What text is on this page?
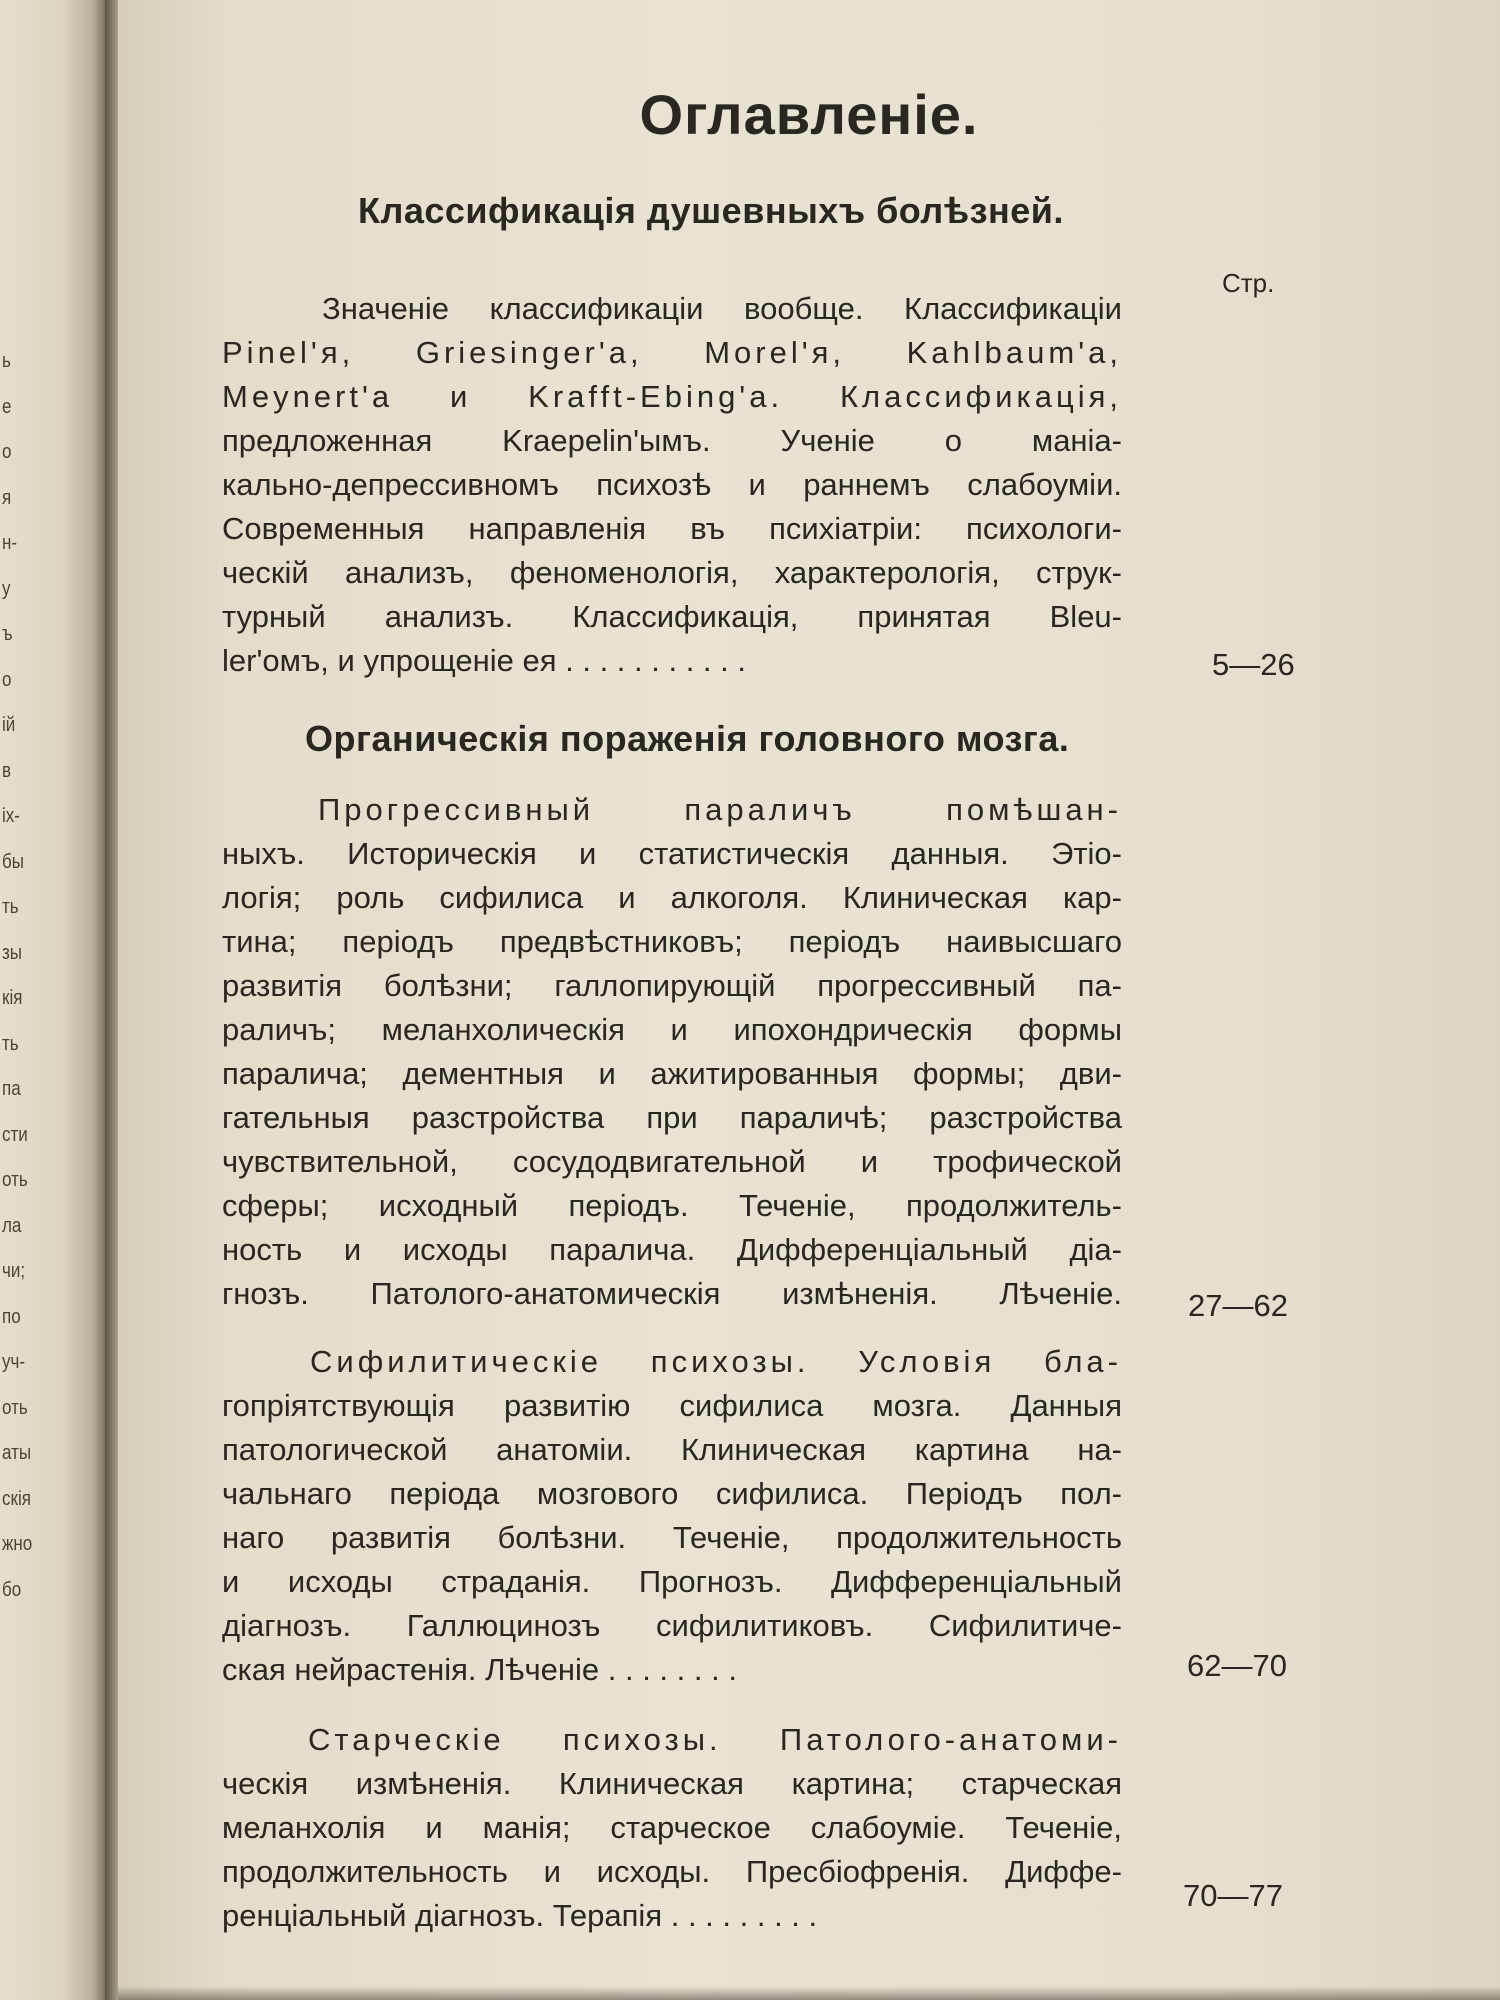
ь
е
о
я
н-
у
ъ
о
ій
в
іх-
бы
ть
зы
кія
ть
па
сти
оть
ла
чи;
по
уч-
оть
аты
скія
жно
бо
Оглавленіе.
Классификація душевныхъ болѣзней.
Стр.
Значеніе классификаціи вообще. Классификаціи
Pinel'я, Griesinger'a, Morel'я, Kahlbaum'a,
Meynert'a и Krafft-Ebing'a. Классификація,
предложенная Kraepelin'ымъ. Ученіе о маніа-
кально-депрессивномъ психозѣ и раннемъ слабоуміи.
Современныя направленія въ психіатріи: психологи-
ческій анализъ, феноменологія, характерологія, струк-
турный анализъ. Классификація, принятая Bleu-
ler'омъ, и упрощеніе ея . . . . . . . . . . .	5—26
Органическія пораженія головного мозга.
Прогрессивный параличъ помѣшан-
ныхъ. Историческія и статистическія данныя. Этіо-
логія; роль сифилиса и алкоголя. Клиническая кар-
тина; періодъ предвѣстниковъ; періодъ наивысшаго
развитія болѣзни; галлопирующій прогрессивный па-
раличъ; меланхолическія и ипохондрическія формы
паралича; дементныя и ажитированныя формы; дви-
гательныя разстройства при параличѣ; разстройства
чувствительной, сосудодвигательной и трофической
сферы; исходный періодъ. Теченіе, продолжитель-
ность и исходы паралича. Дифференціальный діа-
гнозъ. Патолого-анатомическія измѣненія. Лѣченіе. 27—62
Сифилитическіе психозы. Условія бла-
гопріятствующія развитію сифилиса мозга. Данныя
патологической анатоміи. Клиническая картина на-
чальнаго періода мозгового сифилиса. Періодъ пол-
наго развитія болѣзни. Теченіе, продолжительность
и исходы страданія. Прогнозъ. Дифференціальный
діагнозъ. Галлюцинозъ сифилитиковъ. Сифилитиче-
ская нейрастенія. Лѣченіе . . . . . . . .	62—70
Старческіе психозы. Патолого-анатоми-
ческія измѣненія. Клиническая картина; старческая
меланхолія и манія; старческое слабоуміе. Теченіе,
продолжительность и исходы. Пресбіофренія. Диффе-
ренціальный діагнозъ. Терапія . . . . . . . . .
70—77
